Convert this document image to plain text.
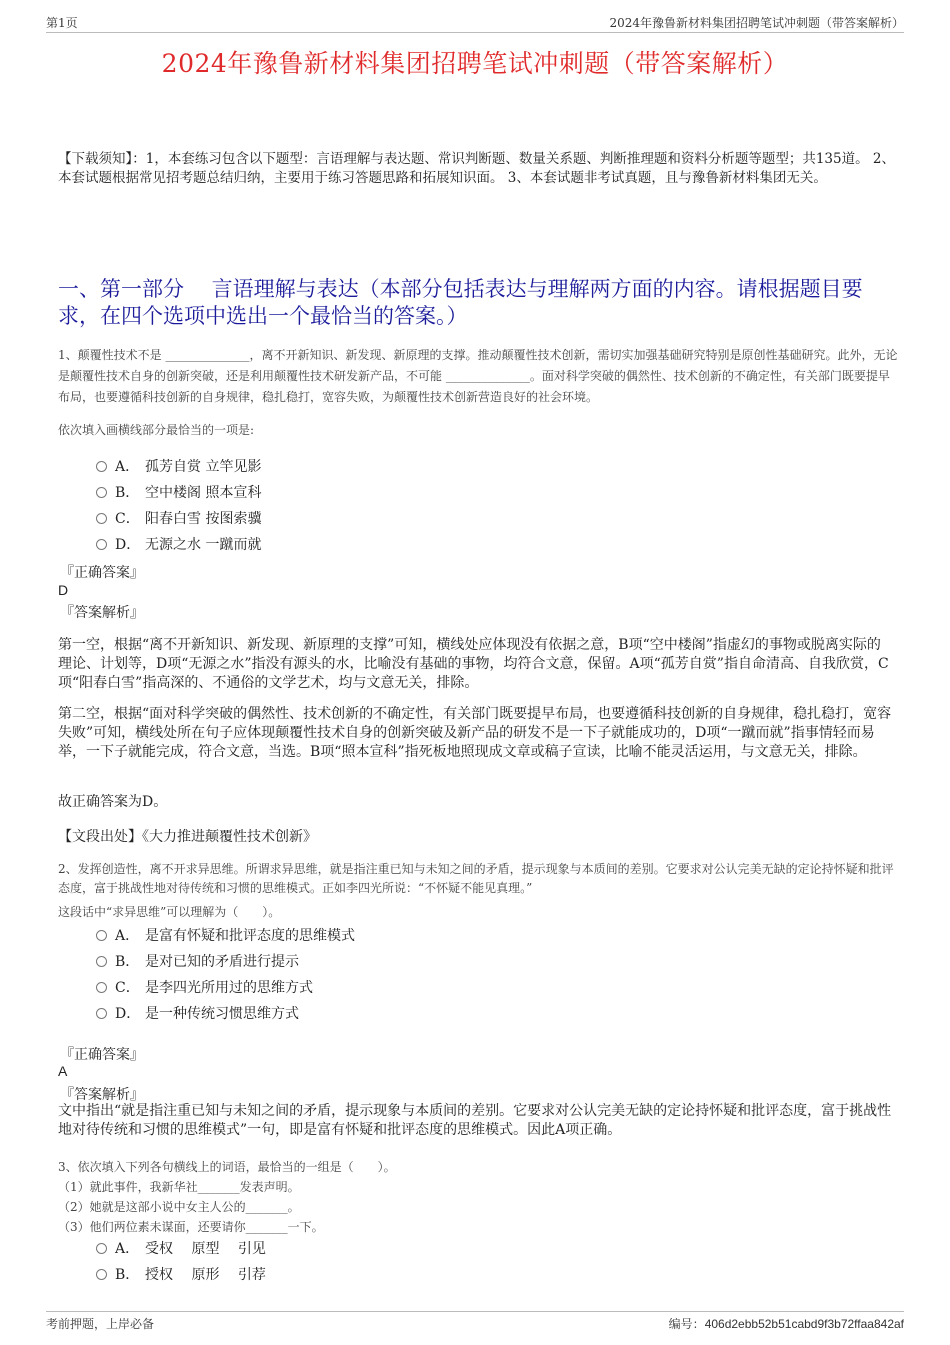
第1页	2024年豫鲁新材料集团招聘笔试冲刺题（带答案解析）
2024年豫鲁新材料集团招聘笔试冲刺题（带答案解析）
【下载须知】：1，本套练习包含以下题型：言语理解与表达题、常识判断题、数量关系题、判断推理题和资料分析题等题型；共135道。 2、本套试题根据常见招考题总结归纳，主要用于练习答题思路和拓展知识面。 3、本套试题非考试真题，且与豫鲁新材料集团无关。
一、第一部分　 言语理解与表达（本部分包括表达与理解两方面的内容。请根据题目要求，在四个选项中选出一个最恰当的答案。）
1、颠覆性技术不是 ______________，离不开新知识、新发现、新原理的支撑。推动颠覆性技术创新，需切实加强基础研究特别是原创性基础研究。此外，无论是颠覆性技术自身的创新突破，还是利用颠覆性技术研发新产品，不可能 ______________。面对科学突破的偶然性、技术创新的不确定性，有关部门既要提早布局，也要遵循科技创新的自身规律，稳扎稳打，宽容失败，为颠覆性技术创新营造良好的社会环境。
依次填入画横线部分最恰当的一项是:
A． 孤芳自赏 立竿见影
B． 空中楼阁 照本宣科
C． 阳春白雪 按图索骥
D． 无源之水 一蹴而就
『正确答案』
D
『答案解析』
第一空，根据“离不开新知识、新发现、新原理的支撑”可知，横线处应体现没有依据之意，B项“空中楼阁”指虚幻的事物或脱离实际的理论、计划等，D项“无源之水”指没有源头的水，比喻没有基础的事物，均符合文意，保留。A项“孤芳自赏”指自命清高、自我欣赏，C项“阳春白雪”指高深的、不通俗的文学艺术，均与文意无关，排除。
第二空，根据“面对科学突破的偶然性、技术创新的不确定性，有关部门既要提早布局，也要遵循科技创新的自身规律，稳扎稳打，宽容失败”可知，横线处所在句子应体现颠覆性技术自身的创新突破及新产品的研发不是一下子就能成功的，D项“一蹴而就”指事情轻而易举，一下子就能完成，符合文意，当选。B项“照本宣科”指死板地照现成文章或稿子宣读，比喻不能灵活运用，与文意无关，排除。
故正确答案为D。
【文段出处】《大力推进颠覆性技术创新》
2、发挥创造性，离不开求异思维。所谓求异思维，就是指注重已知与未知之间的矛盾，提示现象与本质间的差别。它要求对公认完美无缺的定论持怀疑和批评态度，富于挑战性地对待传统和习惯的思维模式。正如李四光所说：“不怀疑不能见真理。”
这段话中“求异思维”可以理解为（　　）。
A． 是富有怀疑和批评态度的思维模式
B． 是对已知的矛盾进行提示
C． 是李四光所用过的思维方式
D． 是一种传统习惯思维方式
『正确答案』
A
『答案解析』
文中指出“就是指注重已知与未知之间的矛盾，提示现象与本质间的差别。它要求对公认完美无缺的定论持怀疑和批评态度，富于挑战性地对待传统和习惯的思维模式”一句，即是富有怀疑和批评态度的思维模式。因此A项正确。
3、依次填入下列各句横线上的词语，最恰当的一组是（　　）。
（1）就此事件，我新华社_______发表声明。
（2）她就是这部小说中女主人公的_______。
（3）他们两位素未谋面，还要请你_______一下。
A． 受权　 原型　 引见
B． 授权　 原形　 引荐
考前押题，上岸必备	编号：406d2ebb52b51cabd9f3b72ffaa842af
